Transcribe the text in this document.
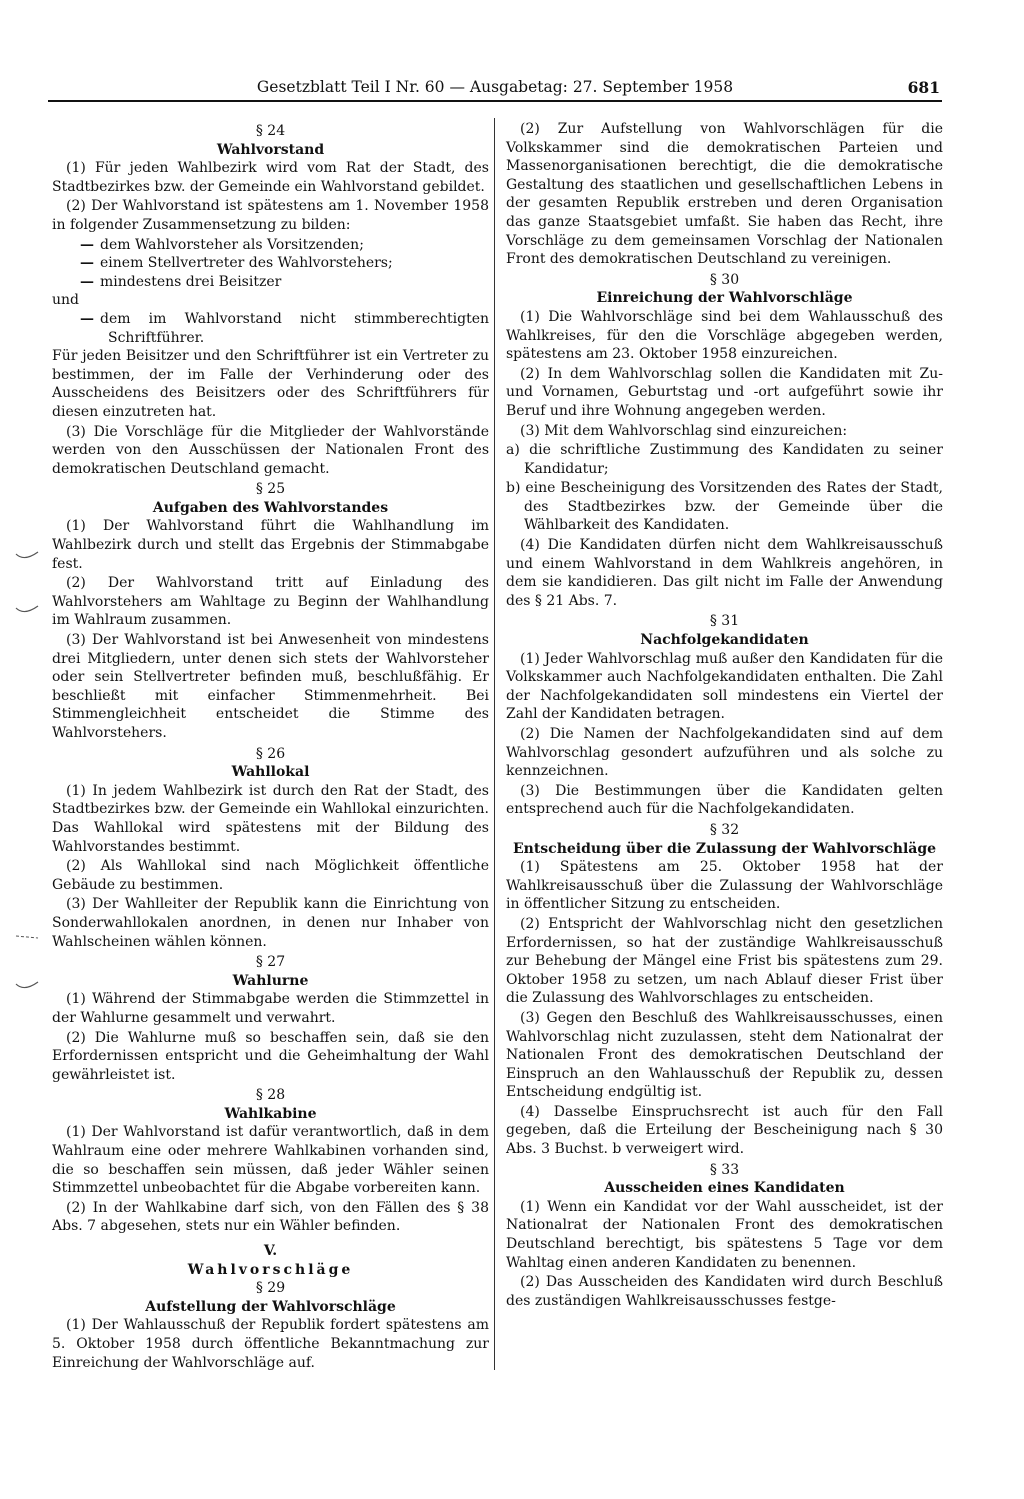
Gesetzblatt Teil I Nr. 60 — Ausgabetag: 27. September 1958	681
§ 24
Wahlvorstand

(1) Für jeden Wahlbezirk wird vom Rat der Stadt, des Stadtbezirkes bzw. der Gemeinde ein Wahlvorstand gebildet.

(2) Der Wahlvorstand ist spätestens am 1. November 1958 in folgender Zusammensetzung zu bilden:

— dem Wahlvorsteher als Vorsitzenden;
— einem Stellvertreter des Wahlvorstehers;
— mindestens drei Beisitzer
und
— dem im Wahlvorstand nicht stimmberechtigten Schriftführer.

Für jeden Beisitzer und den Schriftführer ist ein Vertreter zu bestimmen, der im Falle der Verhinderung oder des Ausscheidens des Beisitzers oder des Schriftführers für diesen einzutreten hat.

(3) Die Vorschläge für die Mitglieder der Wahlvorstände werden von den Ausschüssen der Nationalen Front des demokratischen Deutschland gemacht.

§ 25
Aufgaben des Wahlvorstandes

(1) Der Wahlvorstand führt die Wahlhandlung im Wahlbezirk durch und stellt das Ergebnis der Stimmabgabe fest.

(2) Der Wahlvorstand tritt auf Einladung des Wahlvorstehers am Wahltage zu Beginn der Wahlhandlung im Wahlraum zusammen.

(3) Der Wahlvorstand ist bei Anwesenheit von mindestens drei Mitgliedern, unter denen sich stets der Wahlvorsteher oder sein Stellvertreter befinden muß, beschlußfähig. Er beschließt mit einfacher Stimmenmehrheit. Bei Stimmengleichheit entscheidet die Stimme des Wahlvorstehers.

§ 26
Wahllokal

(1) In jedem Wahlbezirk ist durch den Rat der Stadt, des Stadtbezirkes bzw. der Gemeinde ein Wahllokal einzurichten. Das Wahllokal wird spätestens mit der Bildung des Wahlvorstandes bestimmt.

(2) Als Wahllokal sind nach Möglichkeit öffentliche Gebäude zu bestimmen.

(3) Der Wahlleiter der Republik kann die Einrichtung von Sonderwahllokalen anordnen, in denen nur Inhaber von Wahlscheinen wählen können.

§ 27
Wahlurne

(1) Während der Stimmabgabe werden die Stimmzettel in der Wahlurne gesammelt und verwahrt.

(2) Die Wahlurne muß so beschaffen sein, daß sie den Erfordernissen entspricht und die Geheimhaltung der Wahl gewährleistet ist.

§ 28
Wahlkabine

(1) Der Wahlvorstand ist dafür verantwortlich, daß in dem Wahlraum eine oder mehrere Wahlkabinen vorhanden sind, die so beschaffen sein müssen, daß jeder Wähler seinen Stimmzettel unbeobachtet für die Abgabe vorbereiten kann.

(2) In der Wahlkabine darf sich, von den Fällen des § 38 Abs. 7 abgesehen, stets nur ein Wähler befinden.

V.
Wahlvorschläge
§ 29
Aufstellung der Wahlvorschläge

(1) Der Wahlausschuß der Republik fordert spätestens am 5. Oktober 1958 durch öffentliche Bekanntmachung zur Einreichung der Wahlvorschläge auf.

(2) Zur Aufstellung von Wahlvorschlägen für die Volkskammer sind die demokratischen Parteien und Massenorganisationen berechtigt, die die demokratische Gestaltung des staatlichen und gesellschaftlichen Lebens in der gesamten Republik erstreben und deren Organisation das ganze Staatsgebiet umfaßt. Sie haben das Recht, ihre Vorschläge zu dem gemeinsamen Vorschlag der Nationalen Front des demokratischen Deutschland zu vereinigen.

§ 30
Einreichung der Wahlvorschläge

(1) Die Wahlvorschläge sind bei dem Wahlausschuß des Wahlkreises, für den die Vorschläge abgegeben werden, spätestens am 23. Oktober 1958 einzureichen.

(2) In dem Wahlvorschlag sollen die Kandidaten mit Zu- und Vornamen, Geburtstag und -ort aufgeführt sowie ihr Beruf und ihre Wohnung angegeben werden.

(3) Mit dem Wahlvorschlag sind einzureichen:

a) die schriftliche Zustimmung des Kandidaten zu seiner Kandidatur;
b) eine Bescheinigung des Vorsitzenden des Rates der Stadt, des Stadtbezirkes bzw. der Gemeinde über die Wählbarkeit des Kandidaten.

(4) Die Kandidaten dürfen nicht dem Wahlkreisausschuß und einem Wahlvorstand in dem Wahlkreis angehören, in dem sie kandidieren. Das gilt nicht im Falle der Anwendung des § 21 Abs. 7.

§ 31
Nachfolgekandidaten

(1) Jeder Wahlvorschlag muß außer den Kandidaten für die Volkskammer auch Nachfolgekandidaten enthalten. Die Zahl der Nachfolgekandidaten soll mindestens ein Viertel der Zahl der Kandidaten betragen.

(2) Die Namen der Nachfolgekandidaten sind auf dem Wahlvorschlag gesondert aufzuführen und als solche zu kennzeichnen.

(3) Die Bestimmungen über die Kandidaten gelten entsprechend auch für die Nachfolgekandidaten.

§ 32
Entscheidung über die Zulassung der Wahlvorschläge

(1) Spätestens am 25. Oktober 1958 hat der Wahlkreisausschuß über die Zulassung der Wahlvorschläge in öffentlicher Sitzung zu entscheiden.

(2) Entspricht der Wahlvorschlag nicht den gesetzlichen Erfordernissen, so hat der zuständige Wahlkreisausschuß zur Behebung der Mängel eine Frist bis spätestens zum 29. Oktober 1958 zu setzen, um nach Ablauf dieser Frist über die Zulassung des Wahlvorschlages zu entscheiden.

(3) Gegen den Beschluß des Wahlkreisausschusses, einen Wahlvorschlag nicht zuzulassen, steht dem Nationalrat der Nationalen Front des demokratischen Deutschland der Einspruch an den Wahlausschuß der Republik zu, dessen Entscheidung endgültig ist.

(4) Dasselbe Einspruchsrecht ist auch für den Fall gegeben, daß die Erteilung der Bescheinigung nach § 30 Abs. 3 Buchst. b verweigert wird.

§ 33
Ausscheiden eines Kandidaten

(1) Wenn ein Kandidat vor der Wahl ausscheidet, ist der Nationalrat der Nationalen Front des demokratischen Deutschland berechtigt, bis spätestens 5 Tage vor dem Wahltag einen anderen Kandidaten zu benennen.

(2) Das Ausscheiden des Kandidaten wird durch Beschluß des zuständigen Wahlkreisausschusses festge-
